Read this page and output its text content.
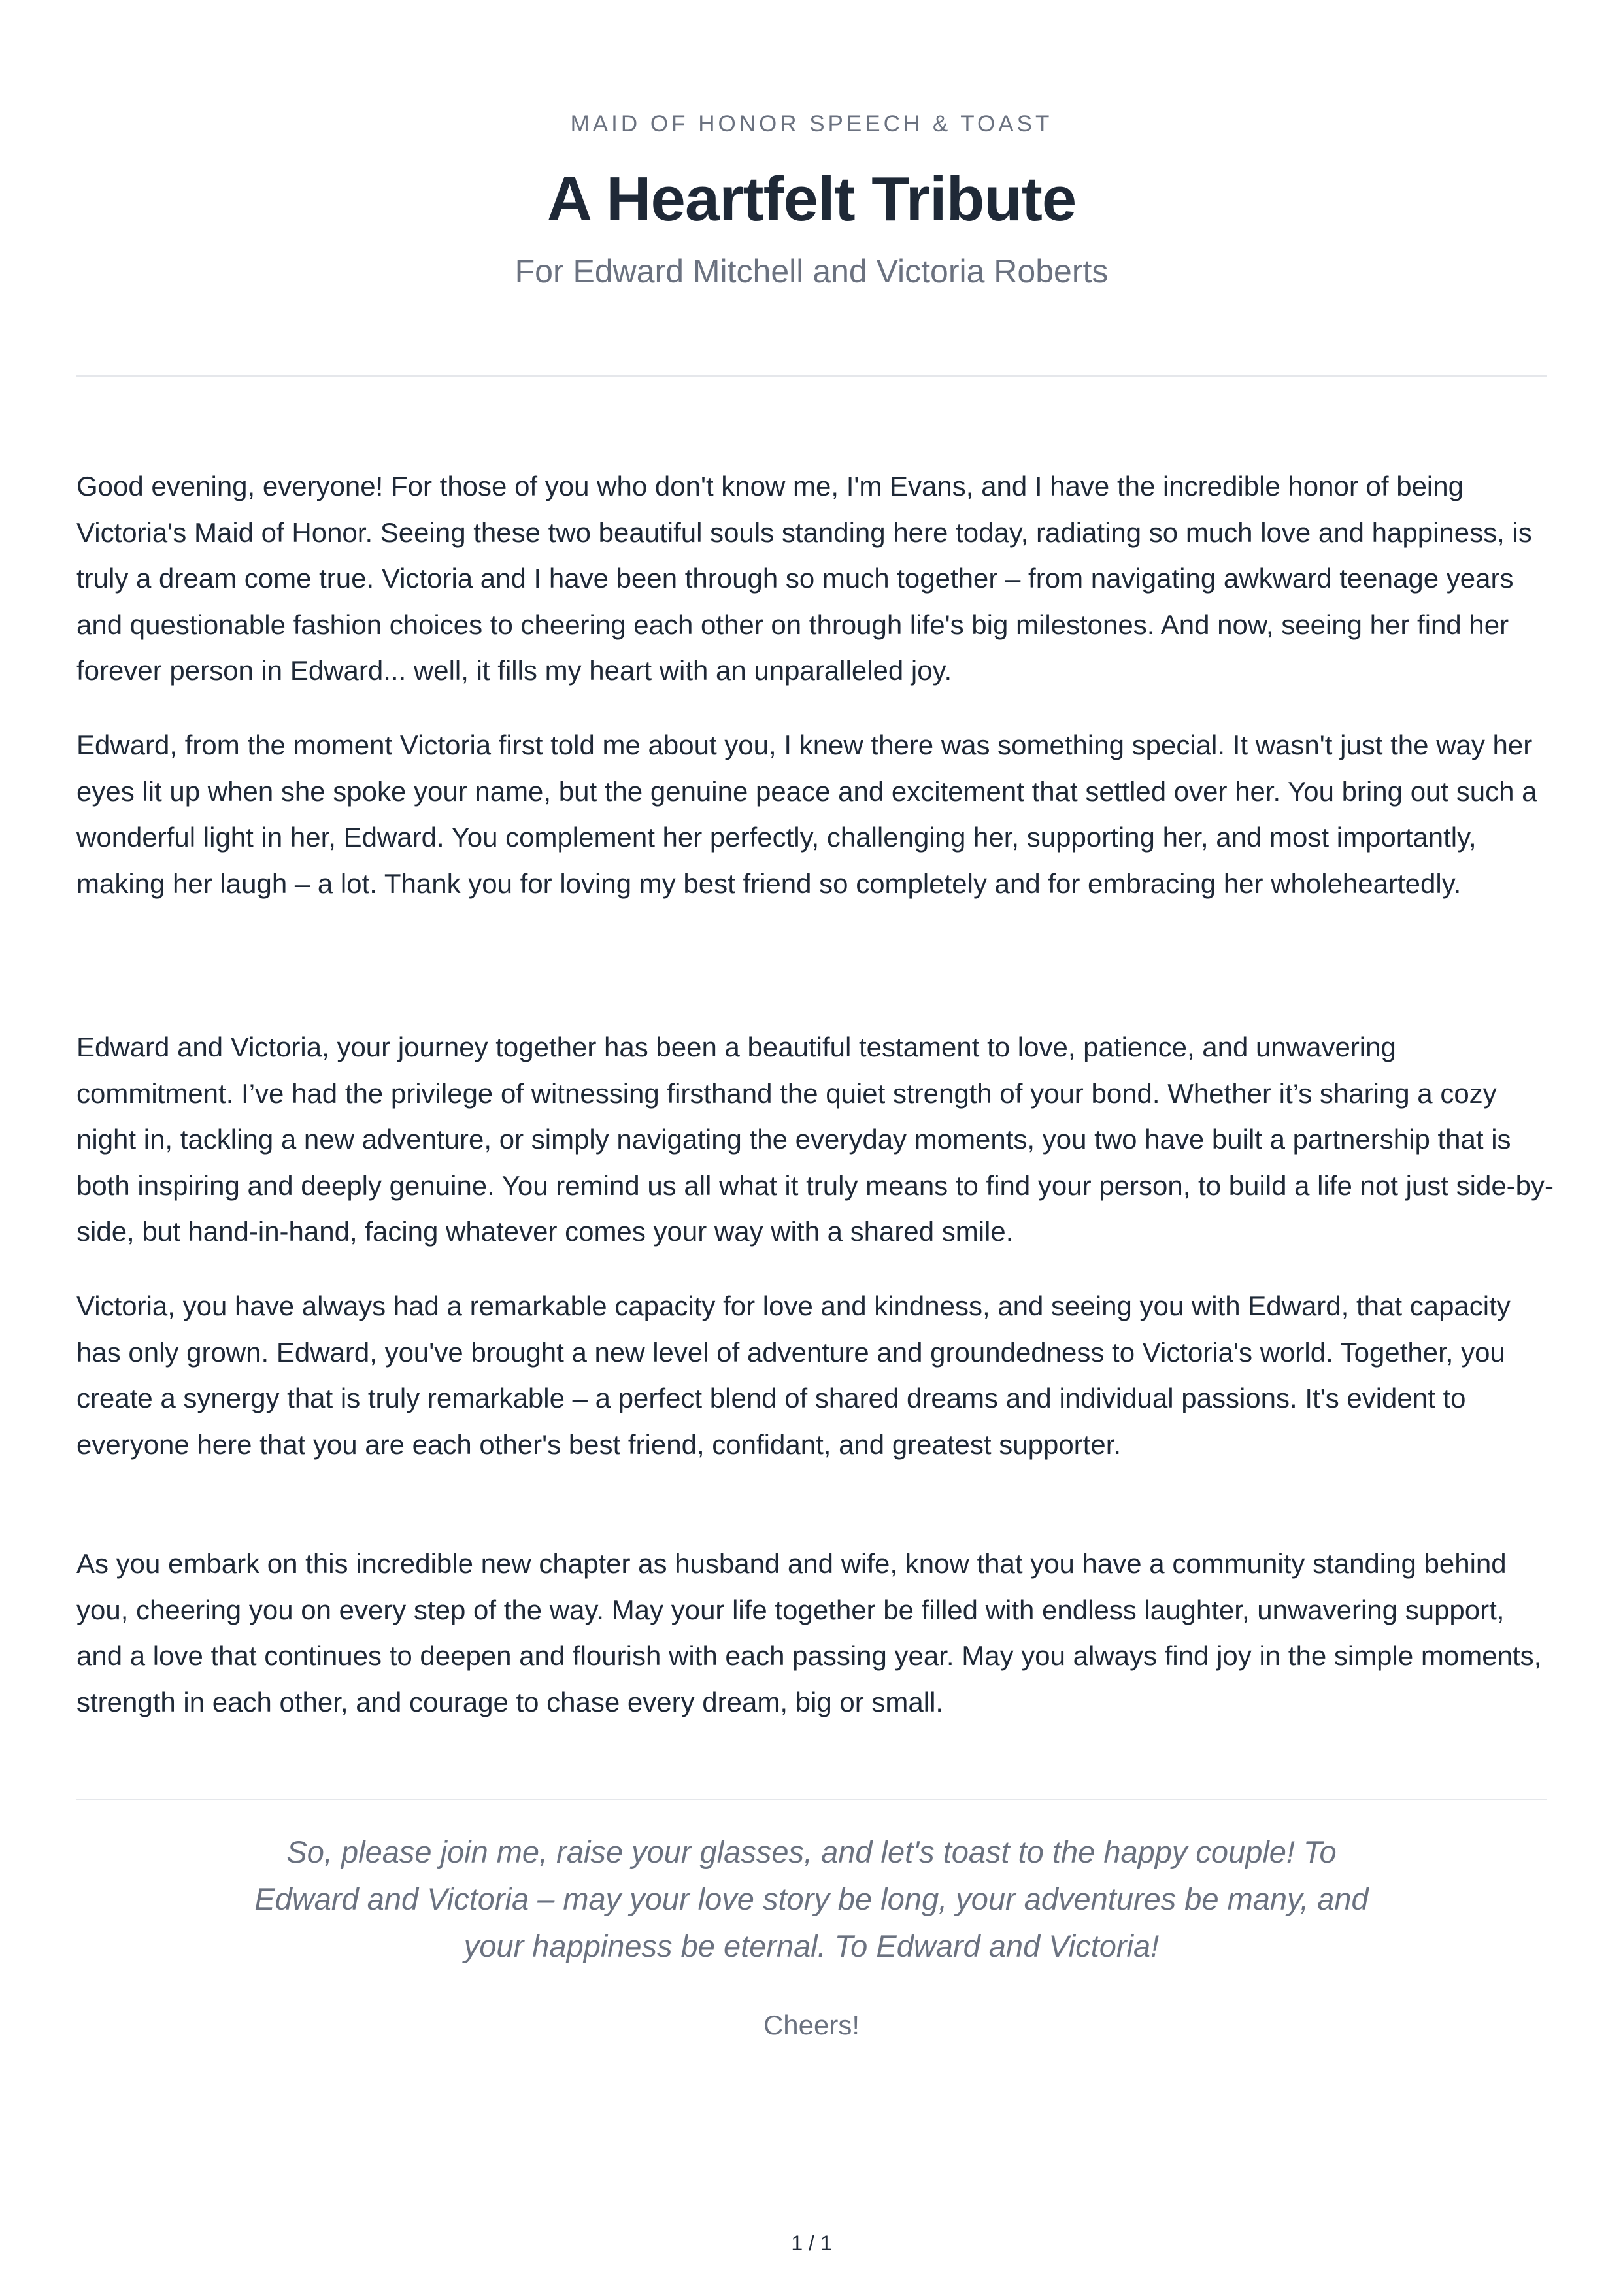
MAID OF HONOR SPEECH & TOAST
A Heartfelt Tribute
For Edward Mitchell and Victoria Roberts

Good evening, everyone! For those of you who don't know me, I'm Evans, and I have the incredible honor of being Victoria's Maid of Honor. Seeing these two beautiful souls standing here today, radiating so much love and happiness, is truly a dream come true. Victoria and I have been through so much together – from navigating awkward teenage years and questionable fashion choices to cheering each other on through life's big milestones. And now, seeing her find her forever person in Edward... well, it fills my heart with an unparalleled joy.

Edward, from the moment Victoria first told me about you, I knew there was something special. It wasn't just the way her eyes lit up when she spoke your name, but the genuine peace and excitement that settled over her. You bring out such a wonderful light in her, Edward. You complement her perfectly, challenging her, supporting her, and most importantly, making her laugh – a lot. Thank you for loving my best friend so completely and for embracing her wholeheartedly.

Edward and Victoria, your journey together has been a beautiful testament to love, patience, and unwavering commitment. I’ve had the privilege of witnessing firsthand the quiet strength of your bond. Whether it’s sharing a cozy night in, tackling a new adventure, or simply navigating the everyday moments, you two have built a partnership that is both inspiring and deeply genuine. You remind us all what it truly means to find your person, to build a life not just side-by-side, but hand-in-hand, facing whatever comes your way with a shared smile.

Victoria, you have always had a remarkable capacity for love and kindness, and seeing you with Edward, that capacity has only grown. Edward, you've brought a new level of adventure and groundedness to Victoria's world. Together, you create a synergy that is truly remarkable – a perfect blend of shared dreams and individual passions. It's evident to everyone here that you are each other's best friend, confidant, and greatest supporter.

As you embark on this incredible new chapter as husband and wife, know that you have a community standing behind you, cheering you on every step of the way. May your life together be filled with endless laughter, unwavering support, and a love that continues to deepen and flourish with each passing year. May you always find joy in the simple moments, strength in each other, and courage to chase every dream, big or small.

So, please join me, raise your glasses, and let's toast to the happy couple! To Edward and Victoria – may your love story be long, your adventures be many, and your happiness be eternal. To Edward and Victoria!

Cheers!
1 / 1
